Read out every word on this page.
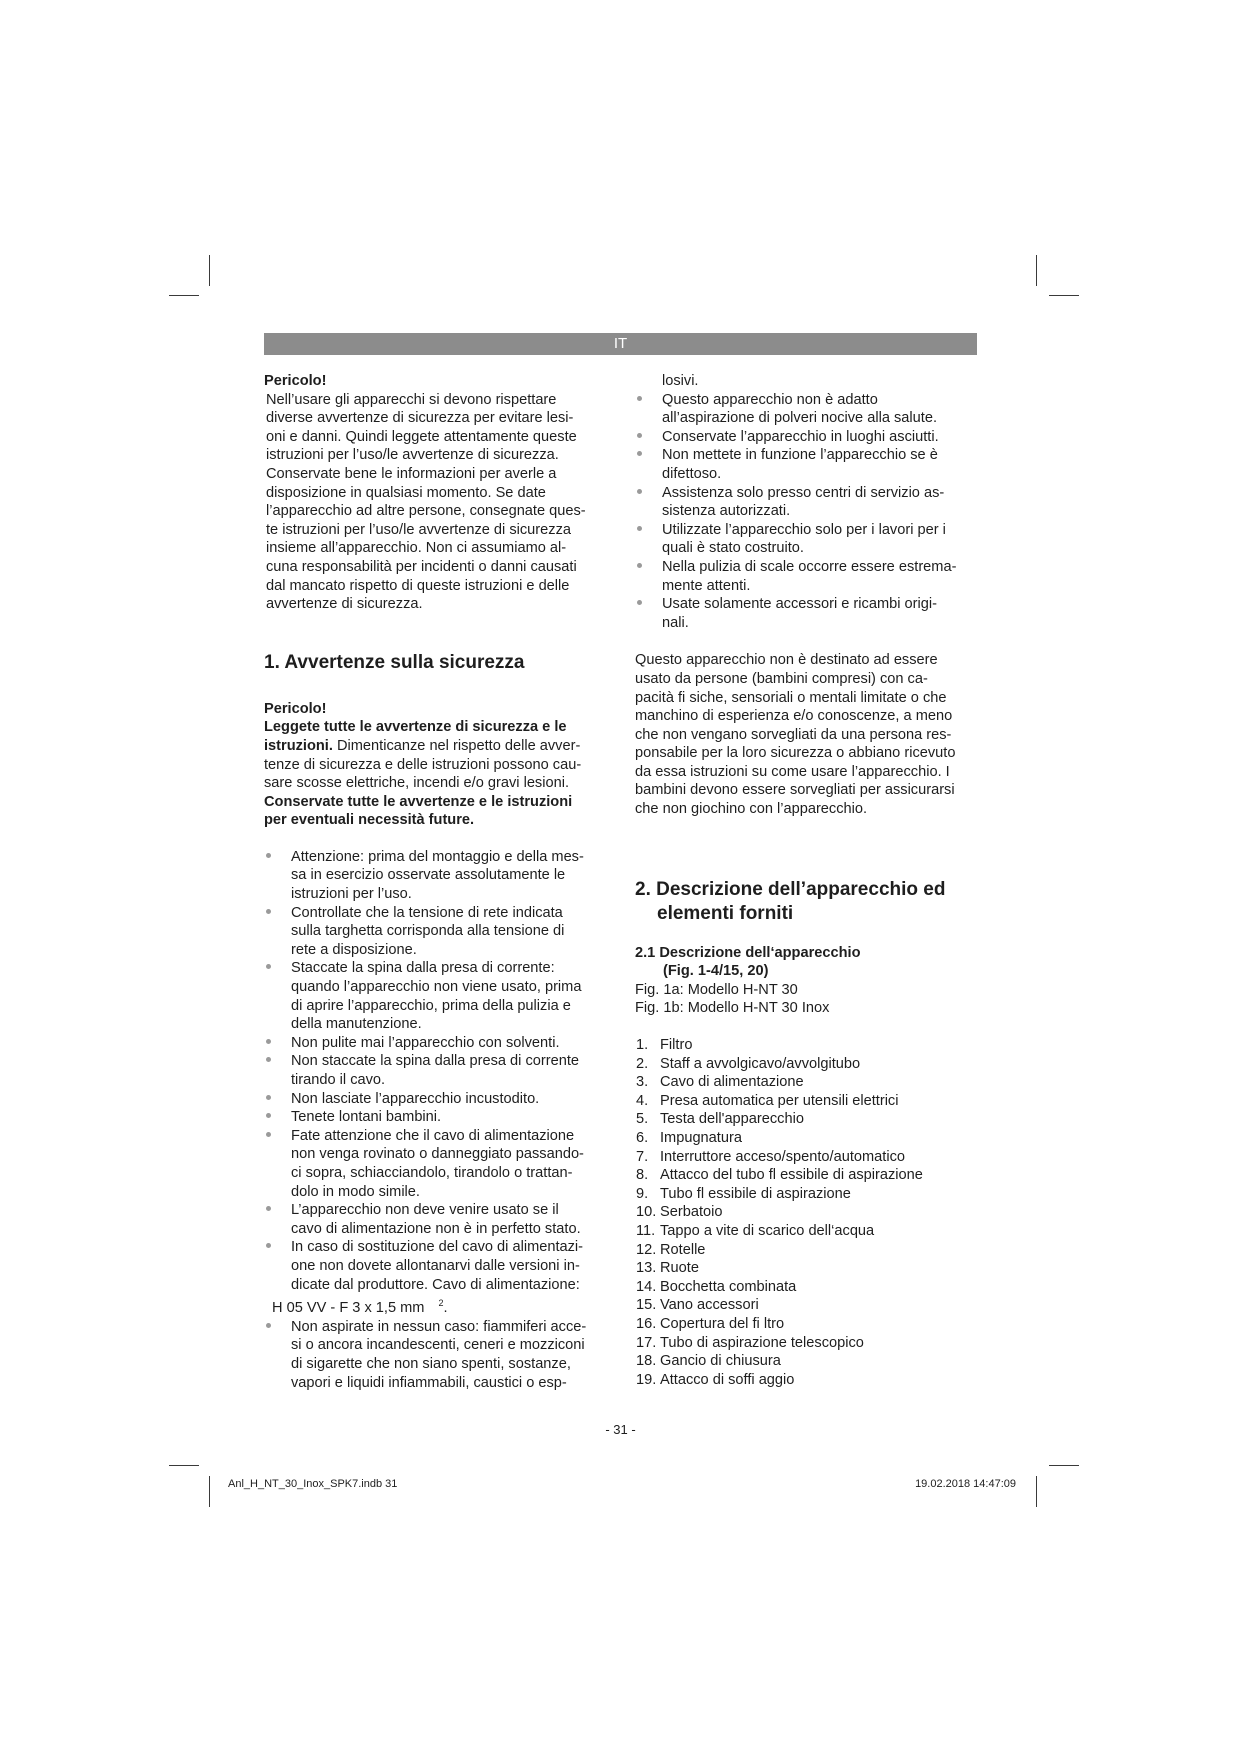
IT

Pericolo!

Nell’usare gli apparecchi si devono rispettare
diverse avvertenze di sicurezza per evitare lesi-
oni e danni. Quindi leggete attentamente queste
istruzioni per l’uso/le avvertenze di sicurezza.
Conservate bene le informazioni per averle a
disposizione in qualsiasi momento. Se date
l’apparecchio ad altre persone, consegnate ques-
te istruzioni per l’uso/le avvertenze di sicurezza
insieme all’apparecchio. Non ci assumiamo al-
cuna responsabilità per incidenti o danni causati
dal mancato rispetto di queste istruzioni e delle
avvertenze di sicurezza.
1. Avvertenze sulla sicurezza

Pericolo!

Leggete tutte le avvertenze di sicurezza e le
istruzioni. Dimenticanze nel rispetto delle avver-
tenze di sicurezza e delle istruzioni possono cau-
sare scosse elettriche, incendi e/o gravi lesioni.
Conservate tutte le avvertenze e le istruzioni
per eventuali necessità future.
Attenzione: prima del montaggio e della mes-
sa in esercizio osservate assolutamente le
istruzioni per l’uso.
Controllate che la tensione di rete indicata
sulla targhetta corrisponda alla tensione di
rete a disposizione.
Staccate la spina dalla presa di corrente:
quando l’apparecchio non viene usato, prima
di aprire l’apparecchio, prima della pulizia e
della manutenzione.
Non pulite mai l’apparecchio con solventi.
Non staccate la spina dalla presa di corrente
tirando il cavo.
Non lasciate l’apparecchio incustodito.
Tenete lontani bambini.
Fate attenzione che il cavo di alimentazione
non venga rovinato o danneggiato passando-
ci sopra, schiacciandolo, tirandolo o trattan-
dolo in modo simile.
L’apparecchio non deve venire usato se il
cavo di alimentazione non è in perfetto stato.
In caso di sostituzione del cavo di alimentazi-
one non dovete allontanarvi dalle versioni in-
dicate dal produttore. Cavo di alimentazione:
H 05 VV - F 3 x 1,5 mm $^2$.
Non aspirate in nessun caso: fiammiferi acce-
si o ancora incandescenti, ceneri e mozziconi
di sigarette che non siano spenti, sostanze,
vapori e liquidi infiammabili, caustici o esp-
losivi.
Questo apparecchio non è adatto
all’aspirazione di polveri nocive alla salute.
Conservate l’apparecchio in luoghi asciutti.
Non mettete in funzione l’apparecchio se è
difettoso.
Assistenza solo presso centri di servizio as-
sistenza autorizzati.
Utilizzate l’apparecchio solo per i lavori per i
quali è stato costruito.
Nella pulizia di scale occorre essere estrema-
mente attenti.
Usate solamente accessori e ricambi origi-
nali.
Questo apparecchio non è destinato ad essere
usato da persone (bambini compresi) con ca-
pacità fi siche, sensoriali o mentali limitate o che
manchino di esperienza e/o conoscenze, a meno
che non vengano sorvegliati da una persona res-
ponsabile per la loro sicurezza o abbiano ricevuto
da essa istruzioni su come usare l’apparecchio. I
bambini devono essere sorvegliati per assicurarsi
che non giochino con l’apparecchio.
2. Descrizione dell’apparecchio ed
elementi forniti
2.1 Descrizione dell‘apparecchio
(Fig. 1-4/15, 20)
Fig. 1a: Modello H-NT 30
Fig. 1b: Modello H-NT 30 Inox
1. Filtro
2. Staff a avvolgicavo/avvolgitubo
3. Cavo di alimentazione
4. Presa automatica per utensili elettrici
5. Testa dell'apparecchio
6. Impugnatura
7. Interruttore acceso/spento/automatico
8. Attacco del tubo fl essibile di aspirazione
9. Tubo fl essibile di aspirazione
10. Serbatoio
11. Tappo a vite di scarico dell‘acqua
12. Rotelle
13. Ruote
14. Bocchetta combinata
15. Vano accessori
16. Copertura del fi ltro
17. Tubo di aspirazione telescopico
18. Gancio di chiusura
19. Attacco di soffi aggio
- 31 -
Anl_H_NT_30_Inox_SPK7.indb 31	19.02.2018 14:47:09
